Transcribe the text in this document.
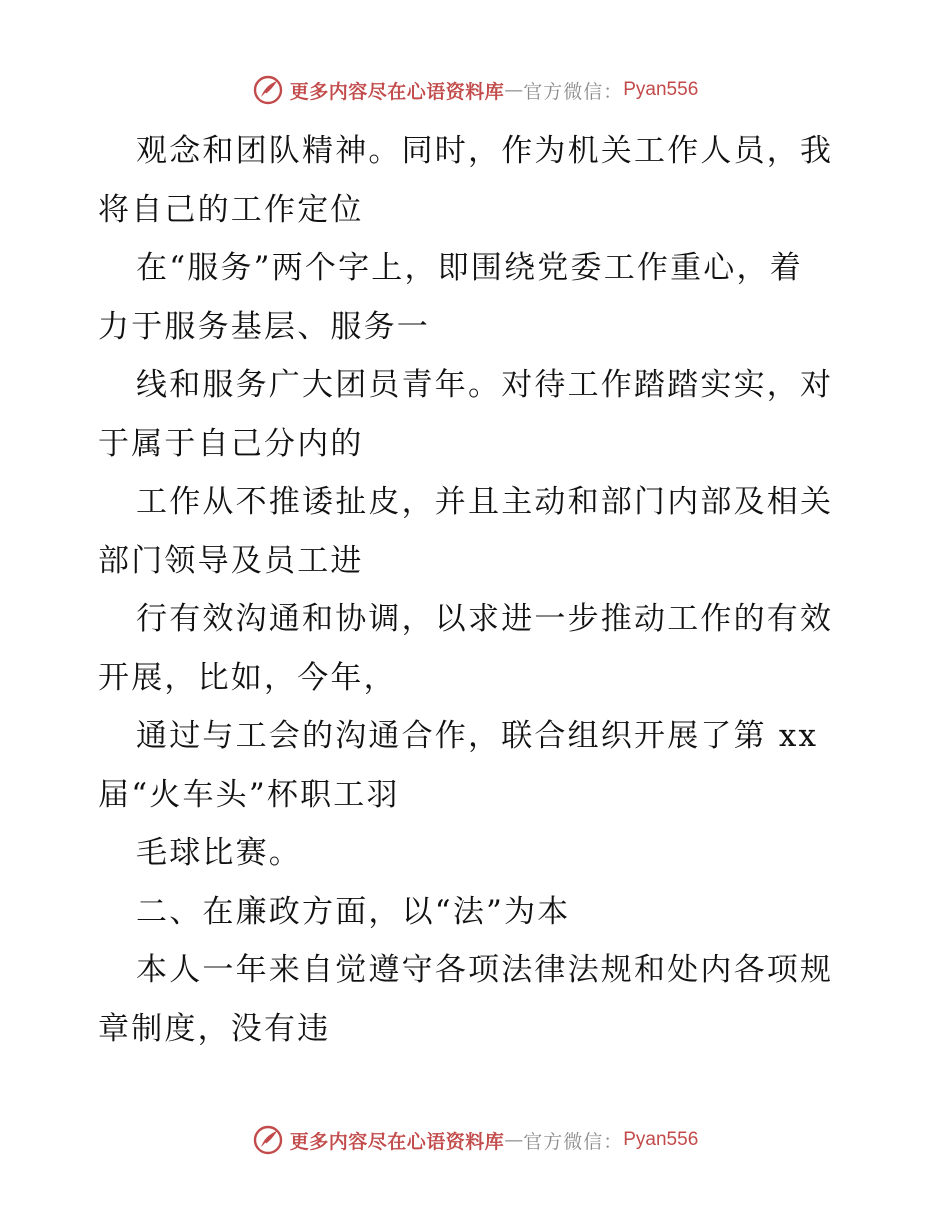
更多内容尽在心语资料库 — 官方微信： Pyan556

观念和团队精神。同时，作为机关工作人员，我
将自己的工作定位

在“服务”两个字上，即围绕党委工作重心，着
力于服务基层、服务一

线和服务广大团员青年。对待工作踏踏实实，对
于属于自己分内的

工作从不推诿扯皮，并且主动和部门内部及相关
部门领导及员工进

行有效沟通和协调，以求进一步推动工作的有效
开展，比如，今年，

通过与工会的沟通合作，联合组织开展了第 xx
届“火车头”杯职工羽

毛球比赛。

二、在廉政方面，以“法”为本

本人一年来自觉遵守各项法律法规和处内各项规
章制度，没有违

更多内容尽在心语资料库 — 官方微信： Pyan556
